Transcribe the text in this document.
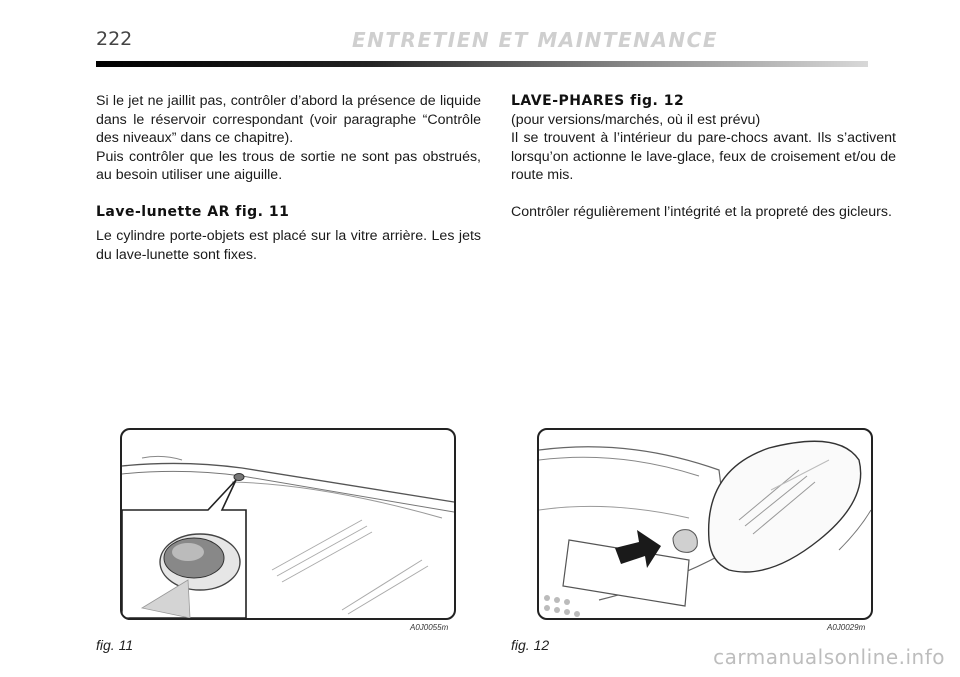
222	ENTRETIEN ET MAINTENANCE

Si le jet ne jaillit pas, contrôler d’abord la présence de liquide dans le réservoir correspondant (voir paragraphe “Contrôle des niveaux” dans ce chapitre).

Puis contrôler que les trous de sortie ne sont pas obstrués, au besoin utiliser une aiguille.

Lave-lunette AR fig. 11

Le cylindre porte-objets est placé sur la vitre arrière. Les jets du lave-lunette sont fixes.

LAVE-PHARES fig. 12

(pour versions/marchés, où il est prévu)

Il se trouvent à l’intérieur du pare-chocs avant. Ils s’activent lorsqu’on actionne le lave-glace, feux de croisement et/ou de route mis.

Contrôler régulièrement l’intégrité et la propreté des gicleurs.

fig. 11
A0J0055m
fig. 12
A0J0029m
carmanualsonline.info
